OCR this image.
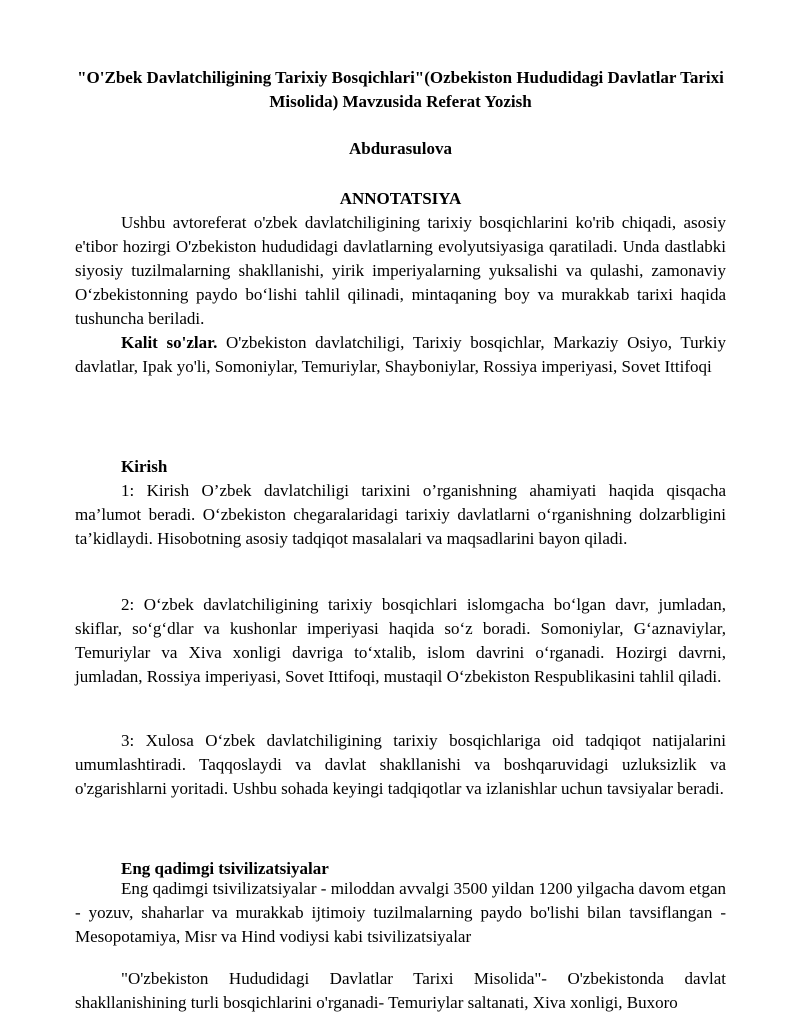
"O'Zbek Davlatchiligining Tarixiy Bosqichlari"(Ozbekiston Hududidagi Davlatlar Tarixi Misolida) Mavzusida Referat Yozish
Abdurasulova
ANNOTATSIYA

Ushbu avtoreferat o'zbek davlatchiligining tarixiy bosqichlarini ko'rib chiqadi, asosiy e'tibor hozirgi O'zbekiston hududidagi davlatlarning evolyutsiyasiga qaratiladi. Unda dastlabki siyosiy tuzilmalarning shakllanishi, yirik imperiyalarning yuksalishi va qulashi, zamonaviy O‘zbekistonning paydo bo‘lishi tahlil qilinadi, mintaqaning boy va murakkab tarixi haqida tushuncha beriladi.

Kalit so'zlar. O'zbekiston davlatchiligi, Tarixiy bosqichlar, Markaziy Osiyo, Turkiy davlatlar, Ipak yo'li, Somoniylar, Temuriylar, Shayboniylar, Rossiya imperiyasi, Sovet Ittifoqi

Kirish

1: Kirish O’zbek davlatchiligi tarixini o’rganishning ahamiyati haqida qisqacha ma’lumot beradi. O‘zbekiston chegaralaridagi tarixiy davlatlarni o‘rganishning dolzarbligini ta’kidlaydi. Hisobotning asosiy tadqiqot masalalari va maqsadlarini bayon qiladi.

2: O‘zbek davlatchiligining tarixiy bosqichlari islomgacha bo‘lgan davr, jumladan, skiflar, so‘g‘dlar va kushonlar imperiyasi haqida so‘z boradi. Somoniylar, G‘aznaviylar, Temuriylar va Xiva xonligi davriga to‘xtalib, islom davrini o‘rganadi. Hozirgi davrni, jumladan, Rossiya imperiyasi, Sovet Ittifoqi, mustaqil O‘zbekiston Respublikasini tahlil qiladi.

3: Xulosa O‘zbek davlatchiligining tarixiy bosqichlariga oid tadqiqot natijalarini umumlashtiradi. Taqqoslaydi va davlat shakllanishi va boshqaruvidagi uzluksizlik va o'zgarishlarni yoritadi. Ushbu sohada keyingi tadqiqotlar va izlanishlar uchun tavsiyalar beradi.

Eng qadimgi tsivilizatsiyalar

Eng qadimgi tsivilizatsiyalar - miloddan avvalgi 3500 yildan 1200 yilgacha davom etgan - yozuv, shaharlar va murakkab ijtimoiy tuzilmalarning paydo bo'lishi bilan tavsiflangan - Mesopotamiya, Misr va Hind vodiysi kabi tsivilizatsiyalar

"O'zbekiston Hududidagi Davlatlar Tarixi Misolida"- O'zbekistonda davlat shakllanishining turli bosqichlarini o'rganadi- Temuriylar saltanati, Xiva xonligi, Buxoro
